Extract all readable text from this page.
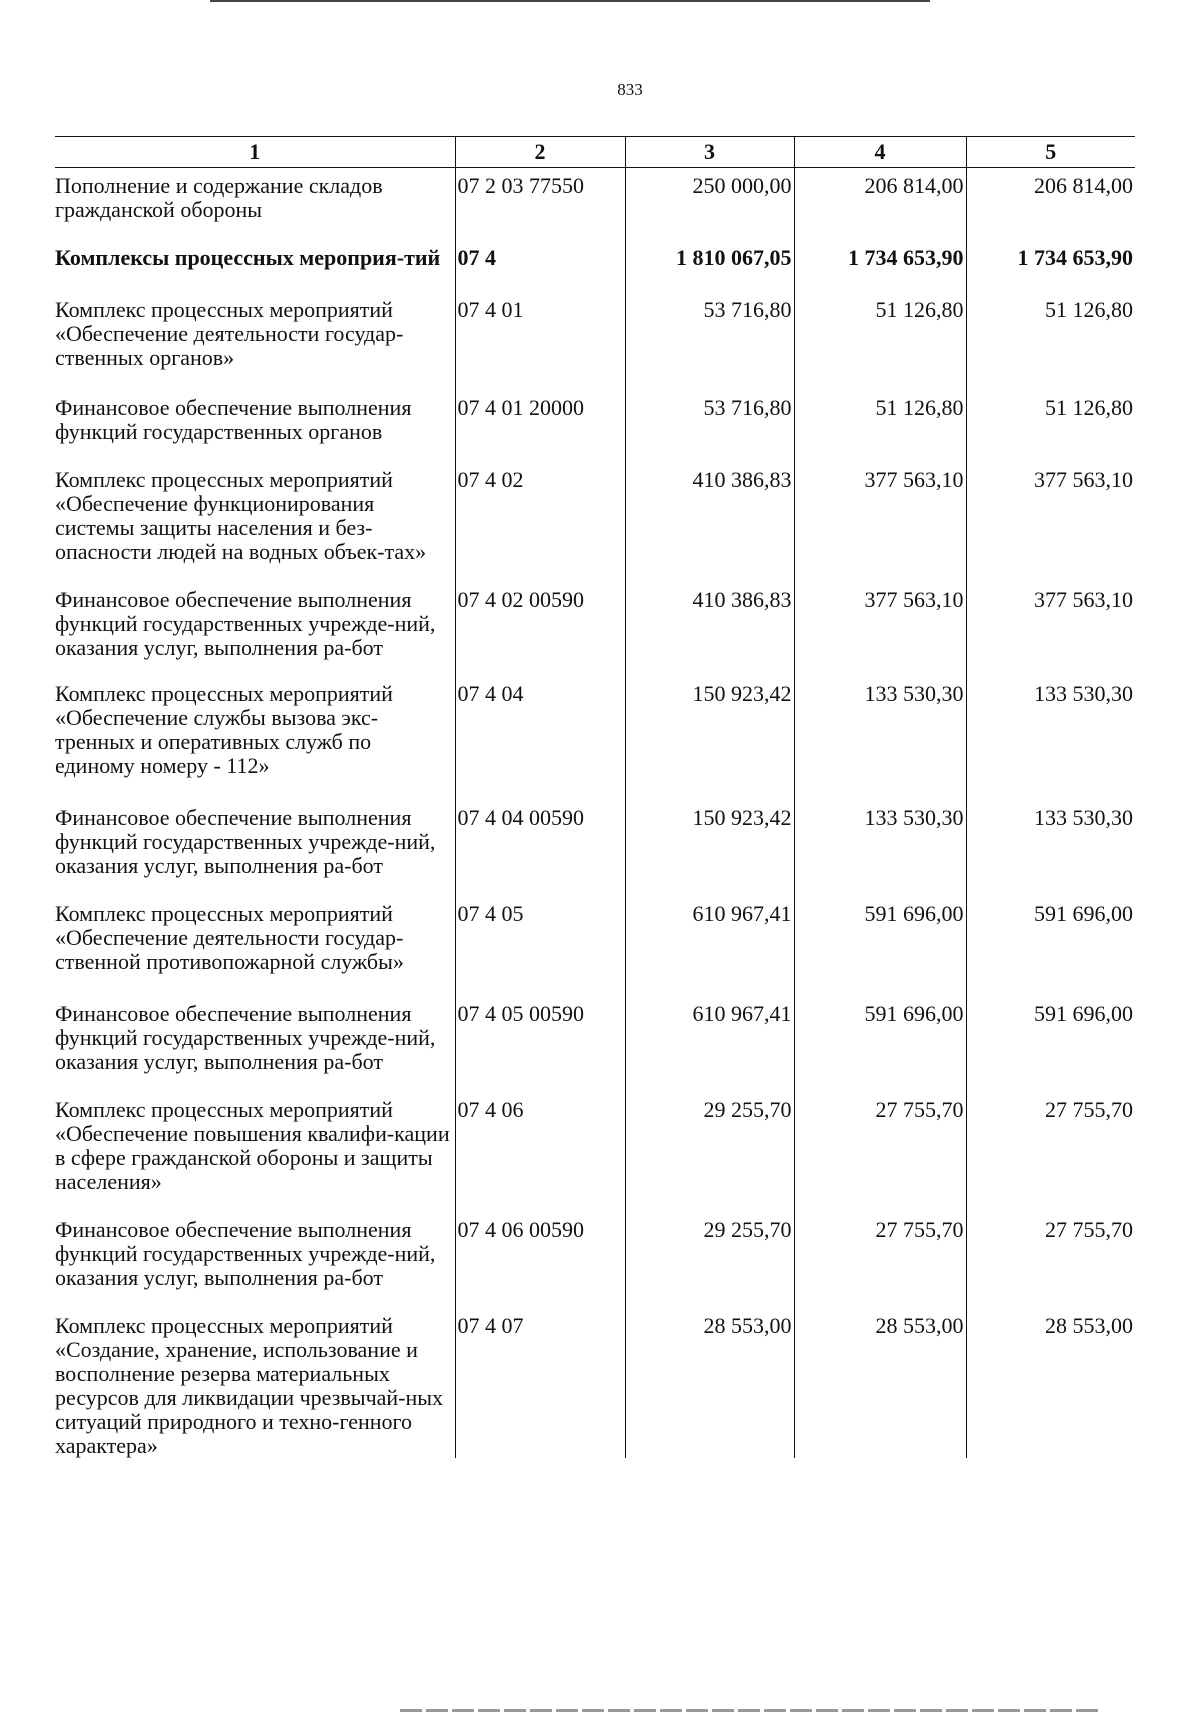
833
1	2	3	4	5
Пополнение и содержание складов гражданской обороны	07 2 03 77550	250 000,00	206 814,00	206 814,00
Комплексы процессных мероприя-тий	07 4	1 810 067,05	1 734 653,90	1 734 653,90
Комплекс процессных мероприятий «Обеспечение деятельности государ-ственных органов»	07 4 01	53 716,80	51 126,80	51 126,80
Финансовое обеспечение выполнения функций государственных органов	07 4 01 20000	53 716,80	51 126,80	51 126,80
Комплекс процессных мероприятий «Обеспечение функционирования системы защиты населения и без-опасности людей на водных объек-тах»	07 4 02	410 386,83	377 563,10	377 563,10
Финансовое обеспечение выполнения функций государственных учрежде-ний, оказания услуг, выполнения ра-бот	07 4 02 00590	410 386,83	377 563,10	377 563,10
Комплекс процессных мероприятий «Обеспечение службы вызова экс-тренных и оперативных служб по единому номеру - 112»	07 4 04	150 923,42	133 530,30	133 530,30
Финансовое обеспечение выполнения функций государственных учрежде-ний, оказания услуг, выполнения ра-бот	07 4 04 00590	150 923,42	133 530,30	133 530,30
Комплекс процессных мероприятий «Обеспечение деятельности государ-ственной противопожарной службы»	07 4 05	610 967,41	591 696,00	591 696,00
Финансовое обеспечение выполнения функций государственных учрежде-ний, оказания услуг, выполнения ра-бот	07 4 05 00590	610 967,41	591 696,00	591 696,00
Комплекс процессных мероприятий «Обеспечение повышения квалифи-кации в сфере гражданской обороны и защиты населения»	07 4 06	29 255,70	27 755,70	27 755,70
Финансовое обеспечение выполнения функций государственных учрежде-ний, оказания услуг, выполнения ра-бот	07 4 06 00590	29 255,70	27 755,70	27 755,70
Комплекс процессных мероприятий «Создание, хранение, использование и восполнение резерва материальных ресурсов для ликвидации чрезвычай-ных ситуаций природного и техно-генного характера»	07 4 07	28 553,00	28 553,00	28 553,00
